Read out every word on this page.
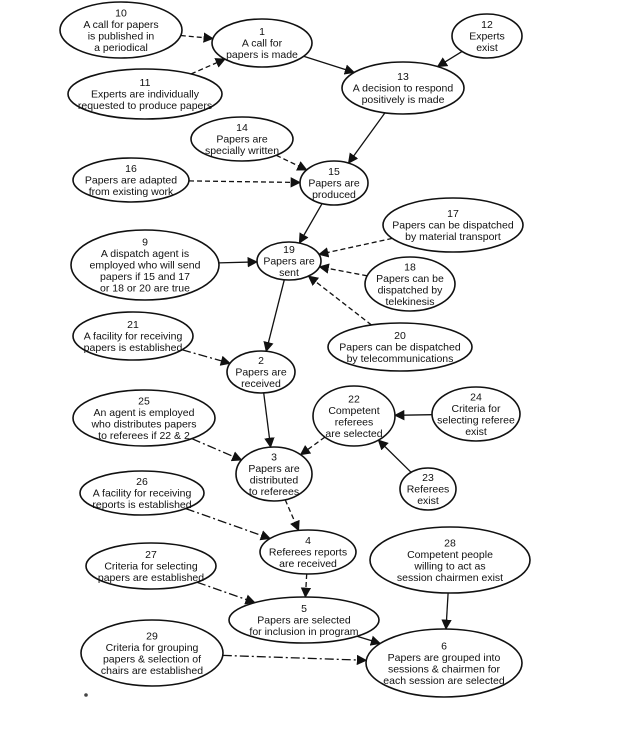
10
A call for papers
is published in
a periodical
1
A call for
papers is made
12
Experts
exist
11
Experts are individually
requested to produce papers
13
A decision to respond
positively is made
14
Papers are
specially written
16
Papers are adapted
from existing work
15
Papers are
produced
17
Papers can be dispatched
by material transport
9
A dispatch agent is
employed who will send
papers if 15 and 17
or 18 or 20 are true
19
Papers are
sent	18
Papers can be
dispatched by
telekinesis
21
A facility for receiving
papers is established
20
Papers can be dispatched
by telecommunications
2
Papers are
received
25
An agent is employed
who distributes papers
to referees if 22 & 2
22
Competent
referees
are selected
24
Criteria for
selecting referee
exist
3
Papers are
distributed
to referees
23
Referees
exist
26
A facility for receiving
reports is established
4
Referees reports
are received
28
Competent people
willing to act as
session chairmen exist
27
Criteria for selecting
papers are established
5
Papers are selected
for inclusion in program
29
Criteria for grouping
papers & selection of
chairs are established
6
Papers are grouped into
sessions & chairmen for
each session are selected
